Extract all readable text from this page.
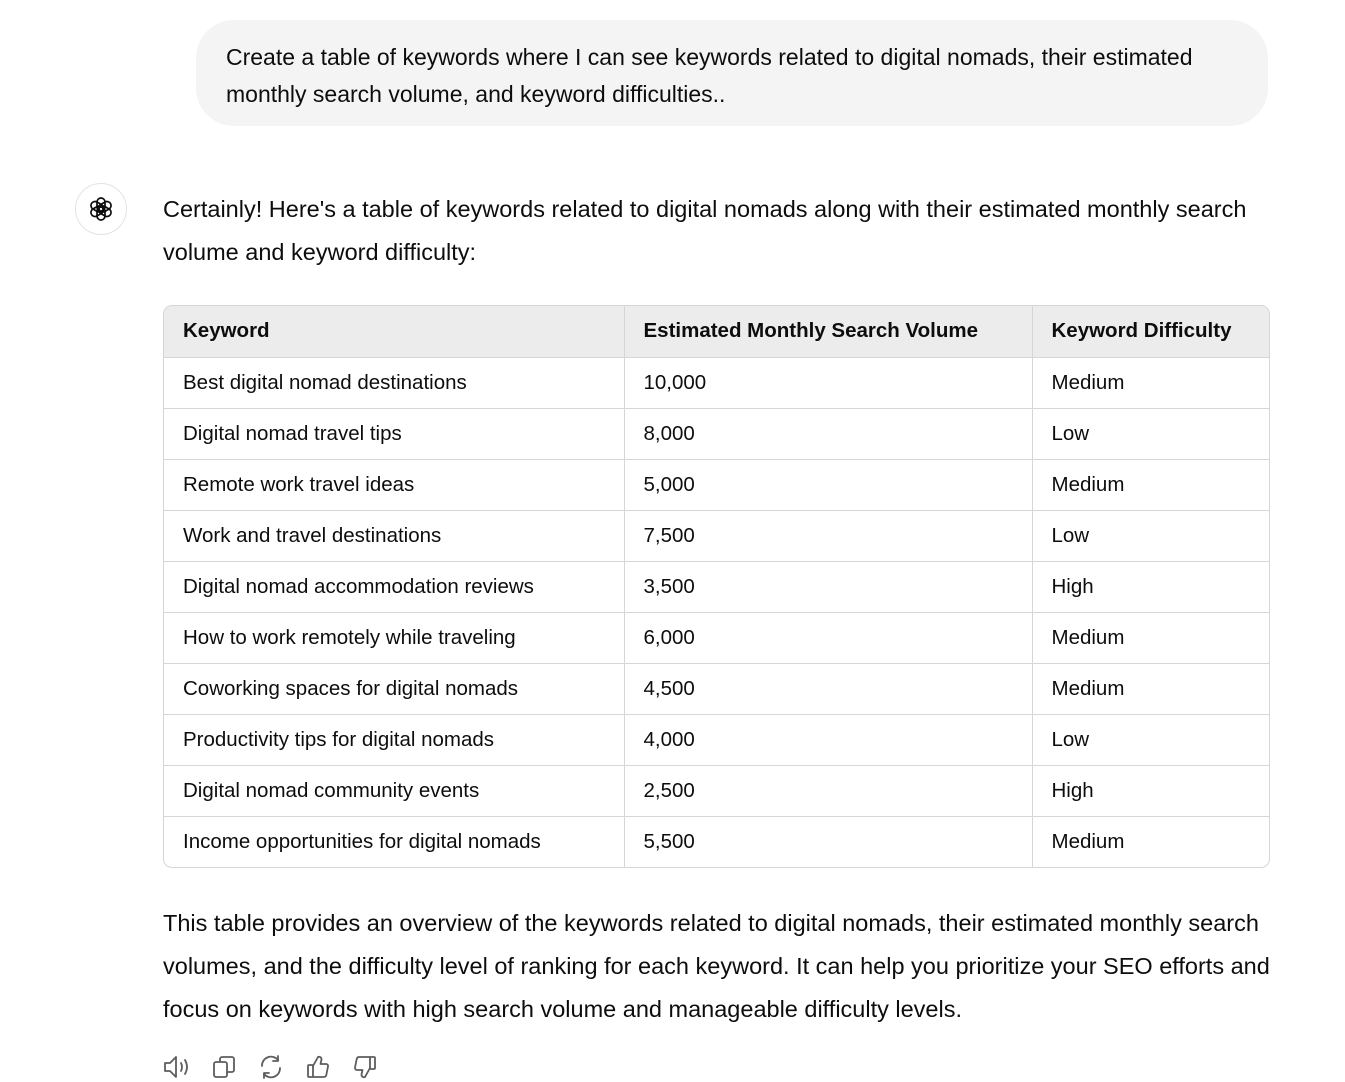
Create a table of keywords where I can see keywords related to digital nomads, their estimated monthly search volume, and keyword difficulties..

Certainly! Here's a table of keywords related to digital nomads along with their estimated monthly search volume and keyword difficulty:

Keyword	Estimated Monthly Search Volume	Keyword Difficulty
Best digital nomad destinations	10,000	Medium
Digital nomad travel tips	8,000	Low
Remote work travel ideas	5,000	Medium
Work and travel destinations	7,500	Low
Digital nomad accommodation reviews	3,500	High
How to work remotely while traveling	6,000	Medium
Coworking spaces for digital nomads	4,500	Medium
Productivity tips for digital nomads	4,000	Low
Digital nomad community events	2,500	High
Income opportunities for digital nomads	5,500	Medium

This table provides an overview of the keywords related to digital nomads, their estimated monthly search volumes, and the difficulty level of ranking for each keyword. It can help you prioritize your SEO efforts and focus on keywords with high search volume and manageable difficulty levels.
